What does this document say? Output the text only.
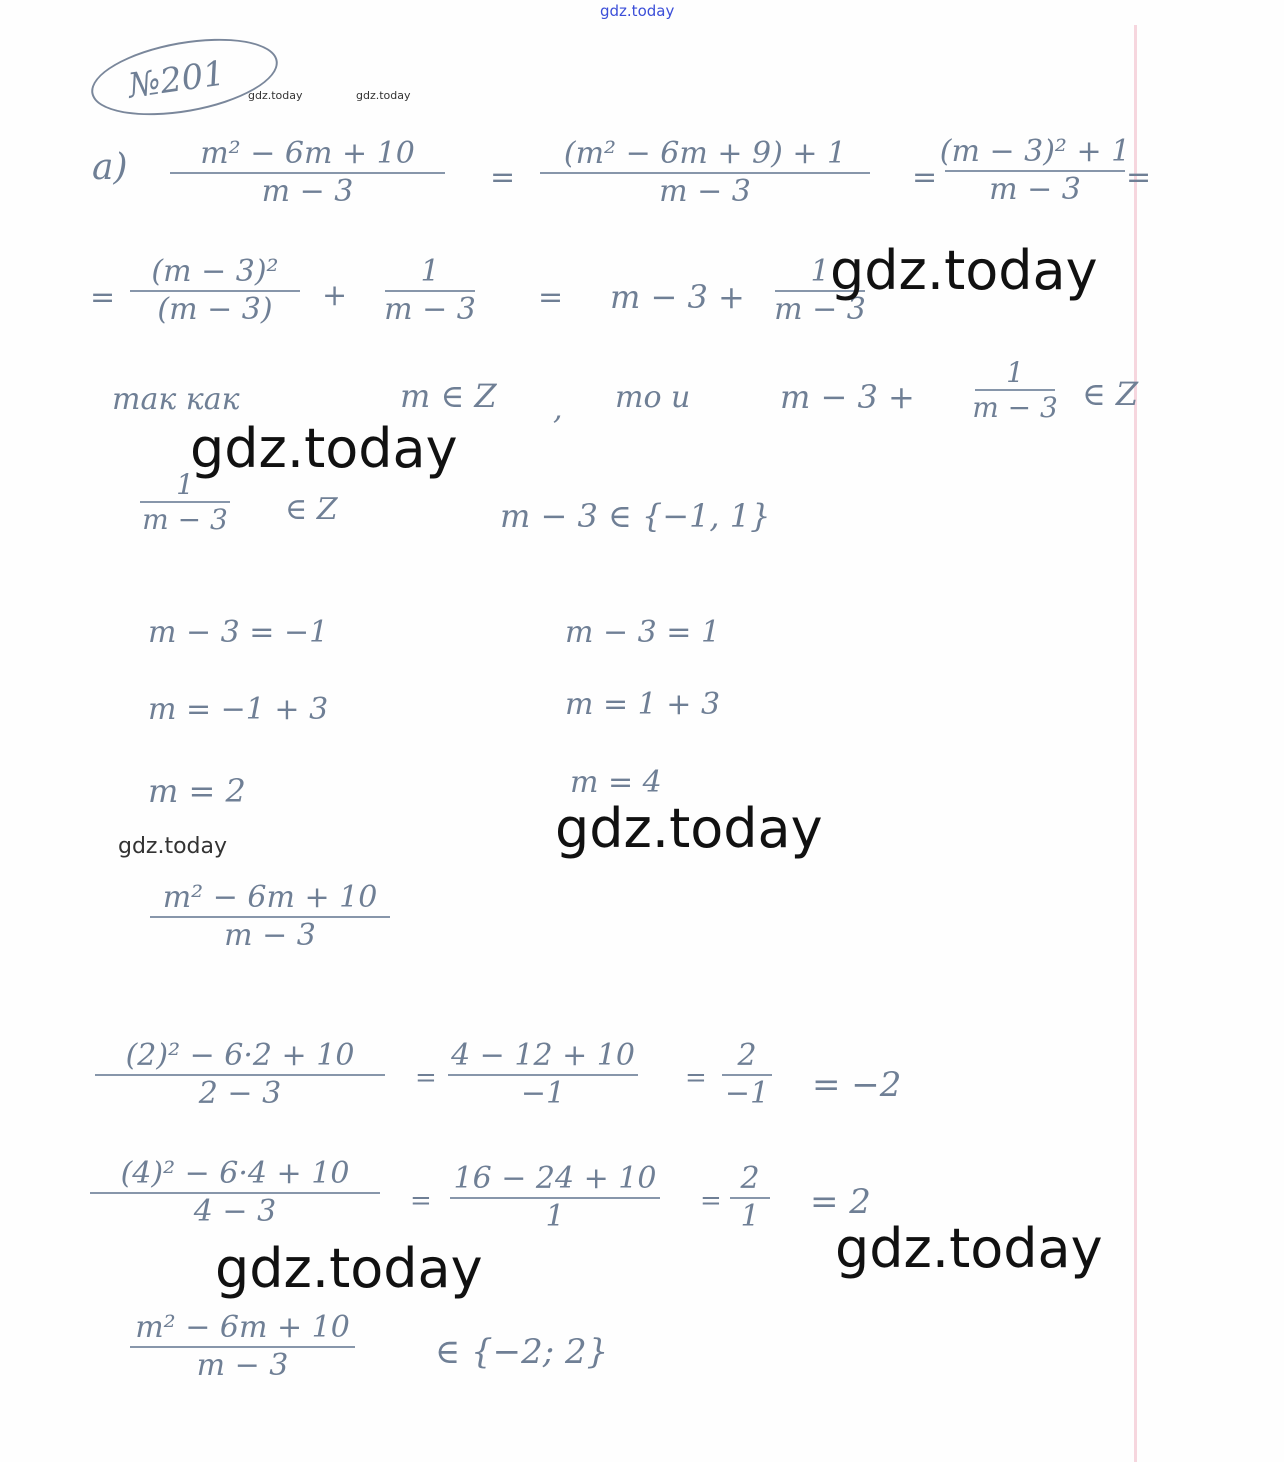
gdz.today
№201 gdz.today	gdz.today
а) m² − 6m + 10
m − 3	=
(m² − 6m + 9) + 1
m − 3	=
(m − 3)² + 1
m − 3 =
=
(m − 3)²
(m − 3) +
1
m − 3 = m − 3 +
1
m − 3
gdz.today
так как	m ∈ Z , то и	m − 3 +
1
m − 3 ∈ Z
gdz.today
1
m − 3 ∈ Z	m − 3 ∈ {−1, 1}
m − 3 = −1
m = −1 + 3
m = 2
m − 3 = 1
m = 1 + 3
m = 4
gdz.today	gdz.today
m² − 6m + 10
m − 3
(2)² − 6·2 + 10
2 − 3	=
4 − 12 + 10
−1	=
2
−1 = −2
(4)² − 6·4 + 10
4 − 3	=
16 − 24 + 10
1	=
2
1 = 2
gdz.today	gdz.today
m² − 6m + 10
m − 3	∈ {−2; 2}
